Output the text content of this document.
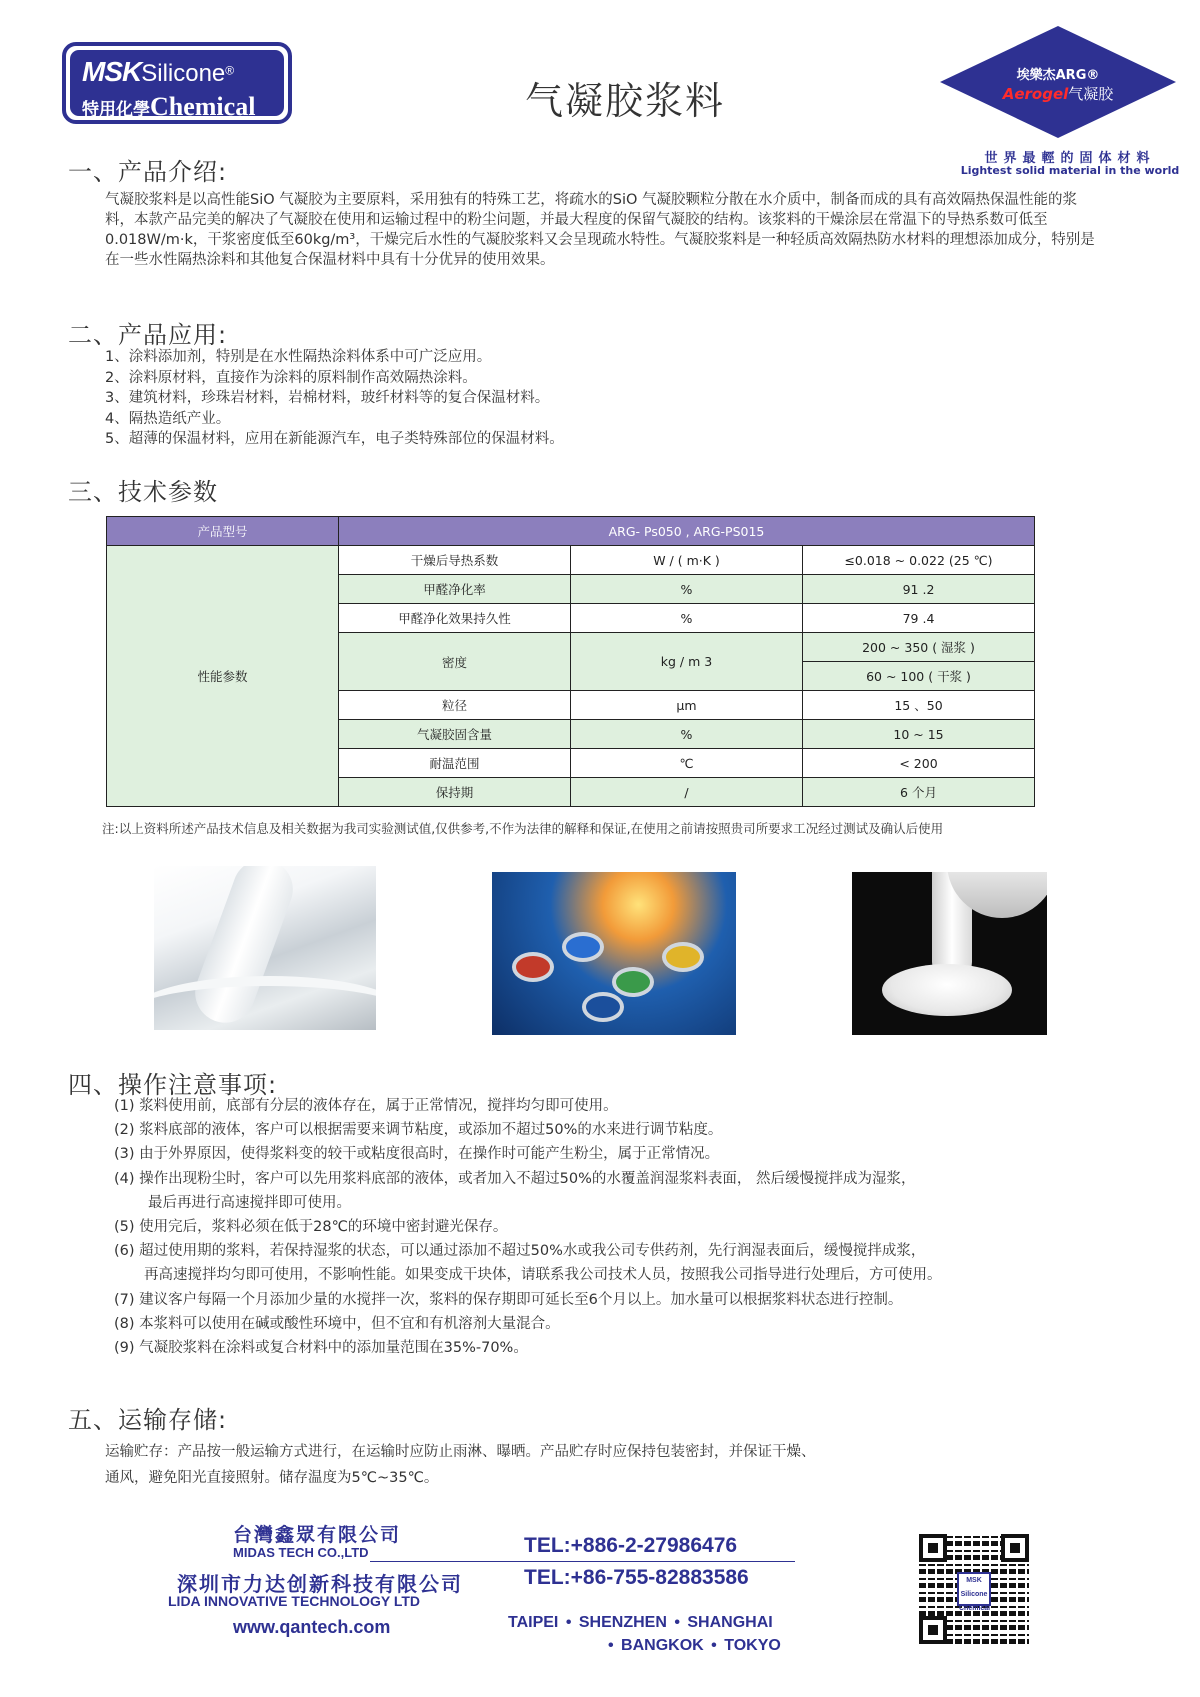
MSKSilicone®
特用化學Chemical	气凝胶浆料
埃樂杰ARG®
Aerogel气凝胶
世界最輕的固体材料
Lightest solid material in the world
一、产品介绍:

气凝胶浆料是以高性能SiO 气凝胶为主要原料，采用独有的特殊工艺，将疏水的SiO 气凝胶颗粒分散在水介质中，制备而成的具有高效隔热保温性能的浆料，本款产品完美的解决了气凝胶在使用和运输过程中的粉尘问题，并最大程度的保留气凝胶的结构。该浆料的干燥涂层在常温下的导热系数可低至0.018W/m·k，干浆密度低至60kg/m³，干燥完后水性的气凝胶浆料又会呈现疏水特性。气凝胶浆料是一种轻质高效隔热防水材料的理想添加成分，特别是在一些水性隔热涂料和其他复合保温材料中具有十分优异的使用效果。

二、产品应用:
1、涂料添加剂，特别是在水性隔热涂料体系中可广泛应用。
2、涂料原材料，直接作为涂料的原料制作高效隔热涂料。
3、建筑材料，珍珠岩材料，岩棉材料，玻纤材料等的复合保温材料。
4、隔热造纸产业。
5、超薄的保温材料，应用在新能源汽车，电子类特殊部位的保温材料。
三、技术参数
产品型号	ARG- Ps050 , ARG-PS015		
性能参数	干燥后导热系数	W / ( m·K )	≤0.018 ~ 0.022 (25 ℃)
	甲醛净化率	%	91 .2
	甲醛净化效果持久性	%	79 .4
	密度	kg / m 3	200 ~ 350 ( 湿浆 )
			60 ~ 100 ( 干浆 )
	粒径	μm	15 、50
	气凝胶固含量	%	10 ~ 15
	耐温范围	℃	< 200
	保持期	/	6 个月
注:以上资料所述产品技术信息及相关数据为我司实验测试值,仅供参考,不作为法律的解释和保证,在使用之前请按照贵司所要求工况经过测试及确认后使用
四、操作注意事项:
(1) 浆料使用前，底部有分层的液体存在，属于正常情况，搅拌均匀即可使用。
(2) 浆料底部的液体，客户可以根据需要来调节粘度，或添加不超过50%的水来进行调节粘度。
(3) 由于外界原因，使得浆料变的较干或粘度很高时，在操作时可能产生粉尘，属于正常情况。
(4) 操作出现粉尘时，客户可以先用浆料底部的液体，或者加入不超过50%的水覆盖润湿浆料表面， 然后缓慢搅拌成为湿浆，
最后再进行高速搅拌即可使用。
(5) 使用完后，浆料必须在低于28℃的环境中密封避光保存。
(6) 超过使用期的浆料，若保持湿浆的状态，可以通过添加不超过50%水或我公司专供药剂，先行润湿表面后，缓慢搅拌成浆，
再高速搅拌均匀即可使用，不影响性能。如果变成干块体，请联系我公司技术人员，按照我公司指导进行处理后，方可使用。
(7) 建议客户每隔一个月添加少量的水搅拌一次，浆料的保存期即可延长至6个月以上。加水量可以根据浆料状态进行控制。
(8) 本浆料可以使用在碱或酸性环境中，但不宜和有机溶剂大量混合。
(9) 气凝胶浆料在涂料或复合材料中的添加量范围在35%-70%。
五、运输存储:
运输贮存：产品按一般运输方式进行，在运输时应防止雨淋、曝晒。产品贮存时应保持包装密封，并保证干燥、
通风，避免阳光直接照射。储存温度为5℃~35℃。
台灣鑫眾有限公司
MIDAS TECH CO.,LTD
深圳市力达创新科技有限公司
LIDA INNOVATIVE TECHNOLOGY LTD
www.qantech.com
TEL:+886-2-27986476
TEL:+86-755-82883586
TAIPEI • SHENZHEN • SHANGHAI
• BANGKOK • TOKYO
MSK Silicone Chemical
